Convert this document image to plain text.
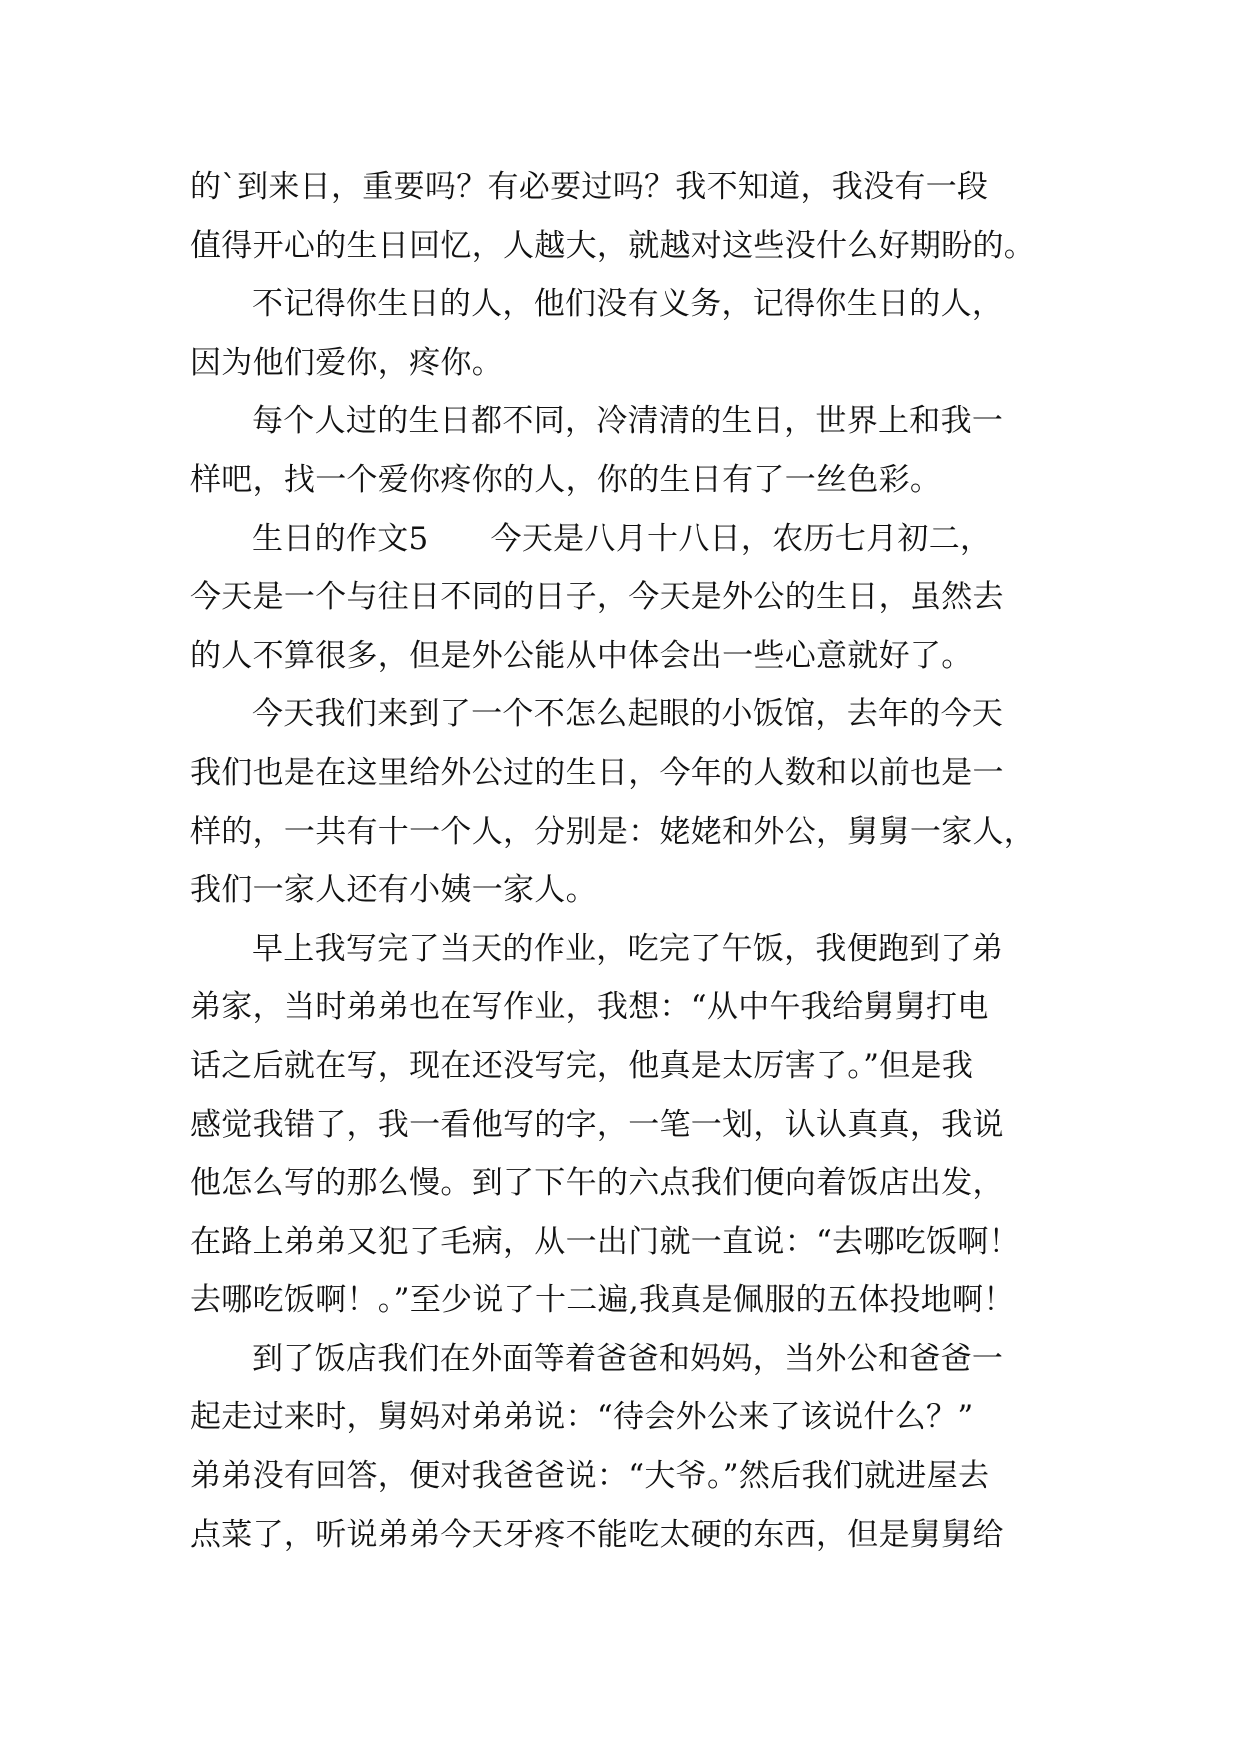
的`到来日，重要吗？有必要过吗？我不知道，我没有一段
值得开心的生日回忆，人越大，就越对这些没什么好期盼的。

不记得你生日的人，他们没有义务，记得你生日的人，
因为他们爱你，疼你。

每个人过的生日都不同，冷清清的生日，世界上和我一
样吧，找一个爱你疼你的人，你的生日有了一丝色彩。

生日的作文5 今天是八月十八日，农历七月初二，
今天是一个与往日不同的日子，今天是外公的生日，虽然去
的人不算很多，但是外公能从中体会出一些心意就好了。

今天我们来到了一个不怎么起眼的小饭馆，去年的今天
我们也是在这里给外公过的生日，今年的人数和以前也是一
样的，一共有十一个人，分别是：姥姥和外公，舅舅一家人，
我们一家人还有小姨一家人。

早上我写完了当天的作业，吃完了午饭，我便跑到了弟
弟家，当时弟弟也在写作业，我想：“从中午我给舅舅打电
话之后就在写，现在还没写完，他真是太厉害了。”但是我
感觉我错了，我一看他写的字，一笔一划，认认真真，我说
他怎么写的那么慢。到了下午的六点我们便向着饭店出发，
在路上弟弟又犯了毛病，从一出门就一直说：“去哪吃饭啊！
去哪吃饭啊！。”至少说了十二遍,我真是佩服的五体投地啊！

到了饭店我们在外面等着爸爸和妈妈，当外公和爸爸一
起走过来时，舅妈对弟弟说：“待会外公来了该说什么？”
弟弟没有回答，便对我爸爸说：“大爷。”然后我们就进屋去
点菜了，听说弟弟今天牙疼不能吃太硬的东西，但是舅舅给
